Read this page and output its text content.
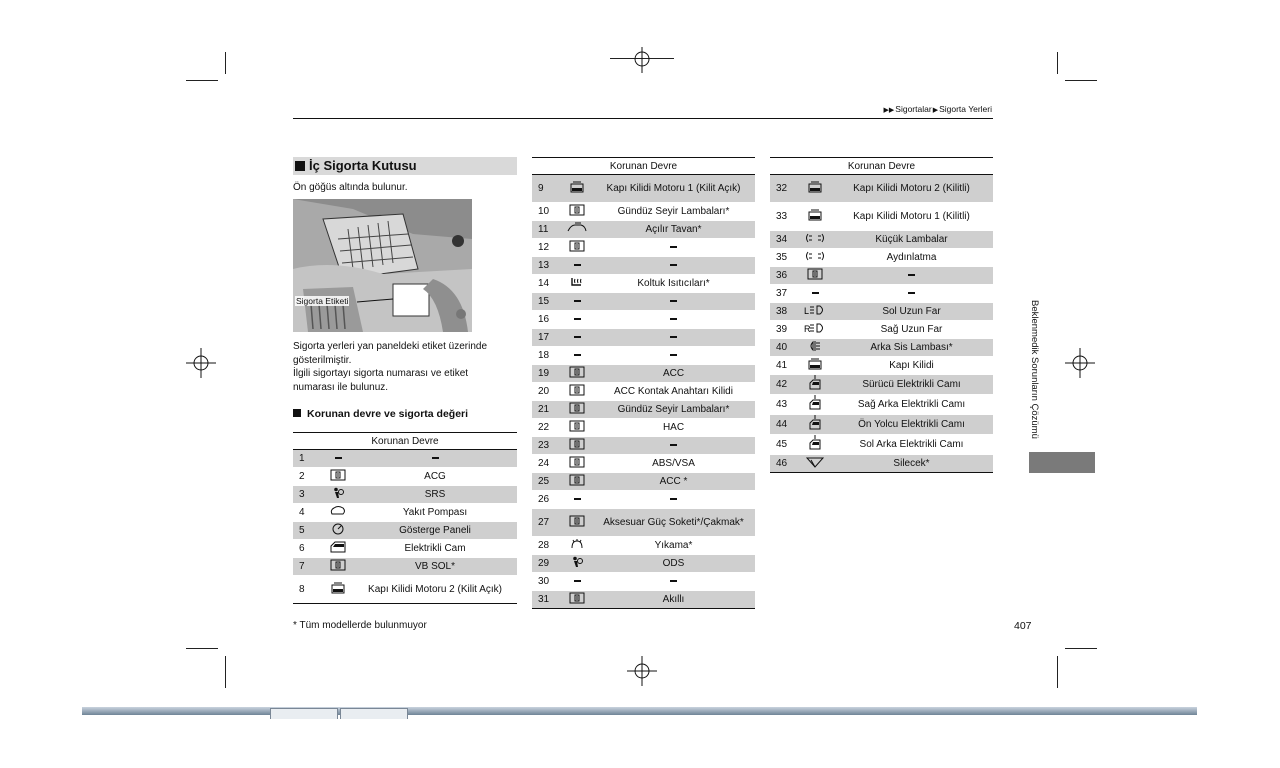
▶▶Sigortalar▶Sigorta Yerleri
İç Sigorta Kutusu
Ön göğüs altında bulunur.
Sigorta Etiketi
Sigorta yerleri yan paneldeki etiket üzerinde
gösterilmiştir.
İlgili sigortayı sigorta numarası ve etiket
numarası ile bulunuz.
Korunan devre ve sigorta değeri
Korunan Devre		
1		
2		ACG
3		SRS
4		Yakıt Pompası
5		Gösterge Paneli
6		Elektrikli Cam
7		VB SOL*
8		Kapı Kilidi Motoru 2 (Kilit Açık)
Korunan Devre		
9		Kapı Kilidi Motoru 1 (Kilit Açık)
10		Gündüz Seyir Lambaları*
11		Açılır Tavan*
12		
13		
14		Koltuk Isıtıcıları*
15		
16		
17		
18		
19		ACC
20		ACC Kontak Anahtarı Kilidi
21		Gündüz Seyir Lambaları*
22		HAC
23		
24		ABS/VSA
25		ACC *
26		
27		Aksesuar Güç Soketi*/Çakmak*
28		Yıkama*
29		ODS
30		
31		Akıllı
Korunan Devre		
32		Kapı Kilidi Motoru 2 (Kilitli)
33		Kapı Kilidi Motoru 1 (Kilitli)
34		Küçük Lambalar
35		Aydınlatma
36		
37		
38	L	Sol Uzun Far
39	R	Sağ Uzun Far
40		Arka Sis Lambası*
41		Kapı Kilidi
42		Sürücü Elektrikli Camı
43		Sağ Arka Elektrikli Camı
44		Ön Yolcu Elektrikli Camı
45		Sol Arka Elektrikli Camı
46		Silecek*
Beklenmedik Sorunların Çözümü
* Tüm modellerde bulunmuyor	407
